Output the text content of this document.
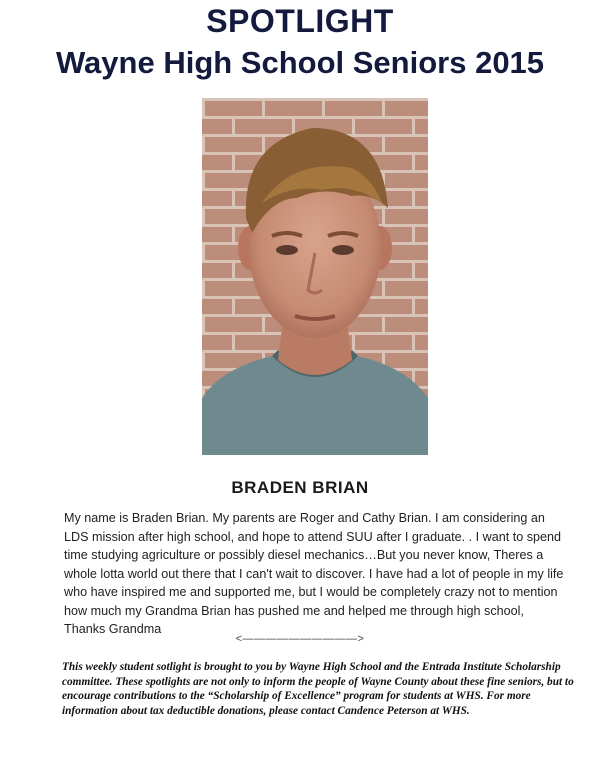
SPOTLIGHT
Wayne High School Seniors 2015
BRADEN BRIAN
My name is Braden Brian. My parents are Roger and Cathy Brian. I am considering an LDS mission after high school, and hope to attend SUU after I graduate. . I want to spend time studying agriculture or possibly diesel mechanics…But you never know, Theres a whole lotta world out there that I can't wait to discover. I have had a lot of people in my life who have inspired me and supported me, but I would be completely crazy not to mention how much my Grandma Brian has pushed me and helped me through high school, Thanks Grandma
<——————————>
This weekly student sotlight is brought to you by Wayne High School and the Entrada Institute Scholarship committee. These spotlights are not only to inform the people of Wayne County about these fine seniors, but to encourage contributions to the “Scholarship of Excellence” program for students at WHS. For more information about tax deductible donations, please contact Candence Peterson at WHS.
